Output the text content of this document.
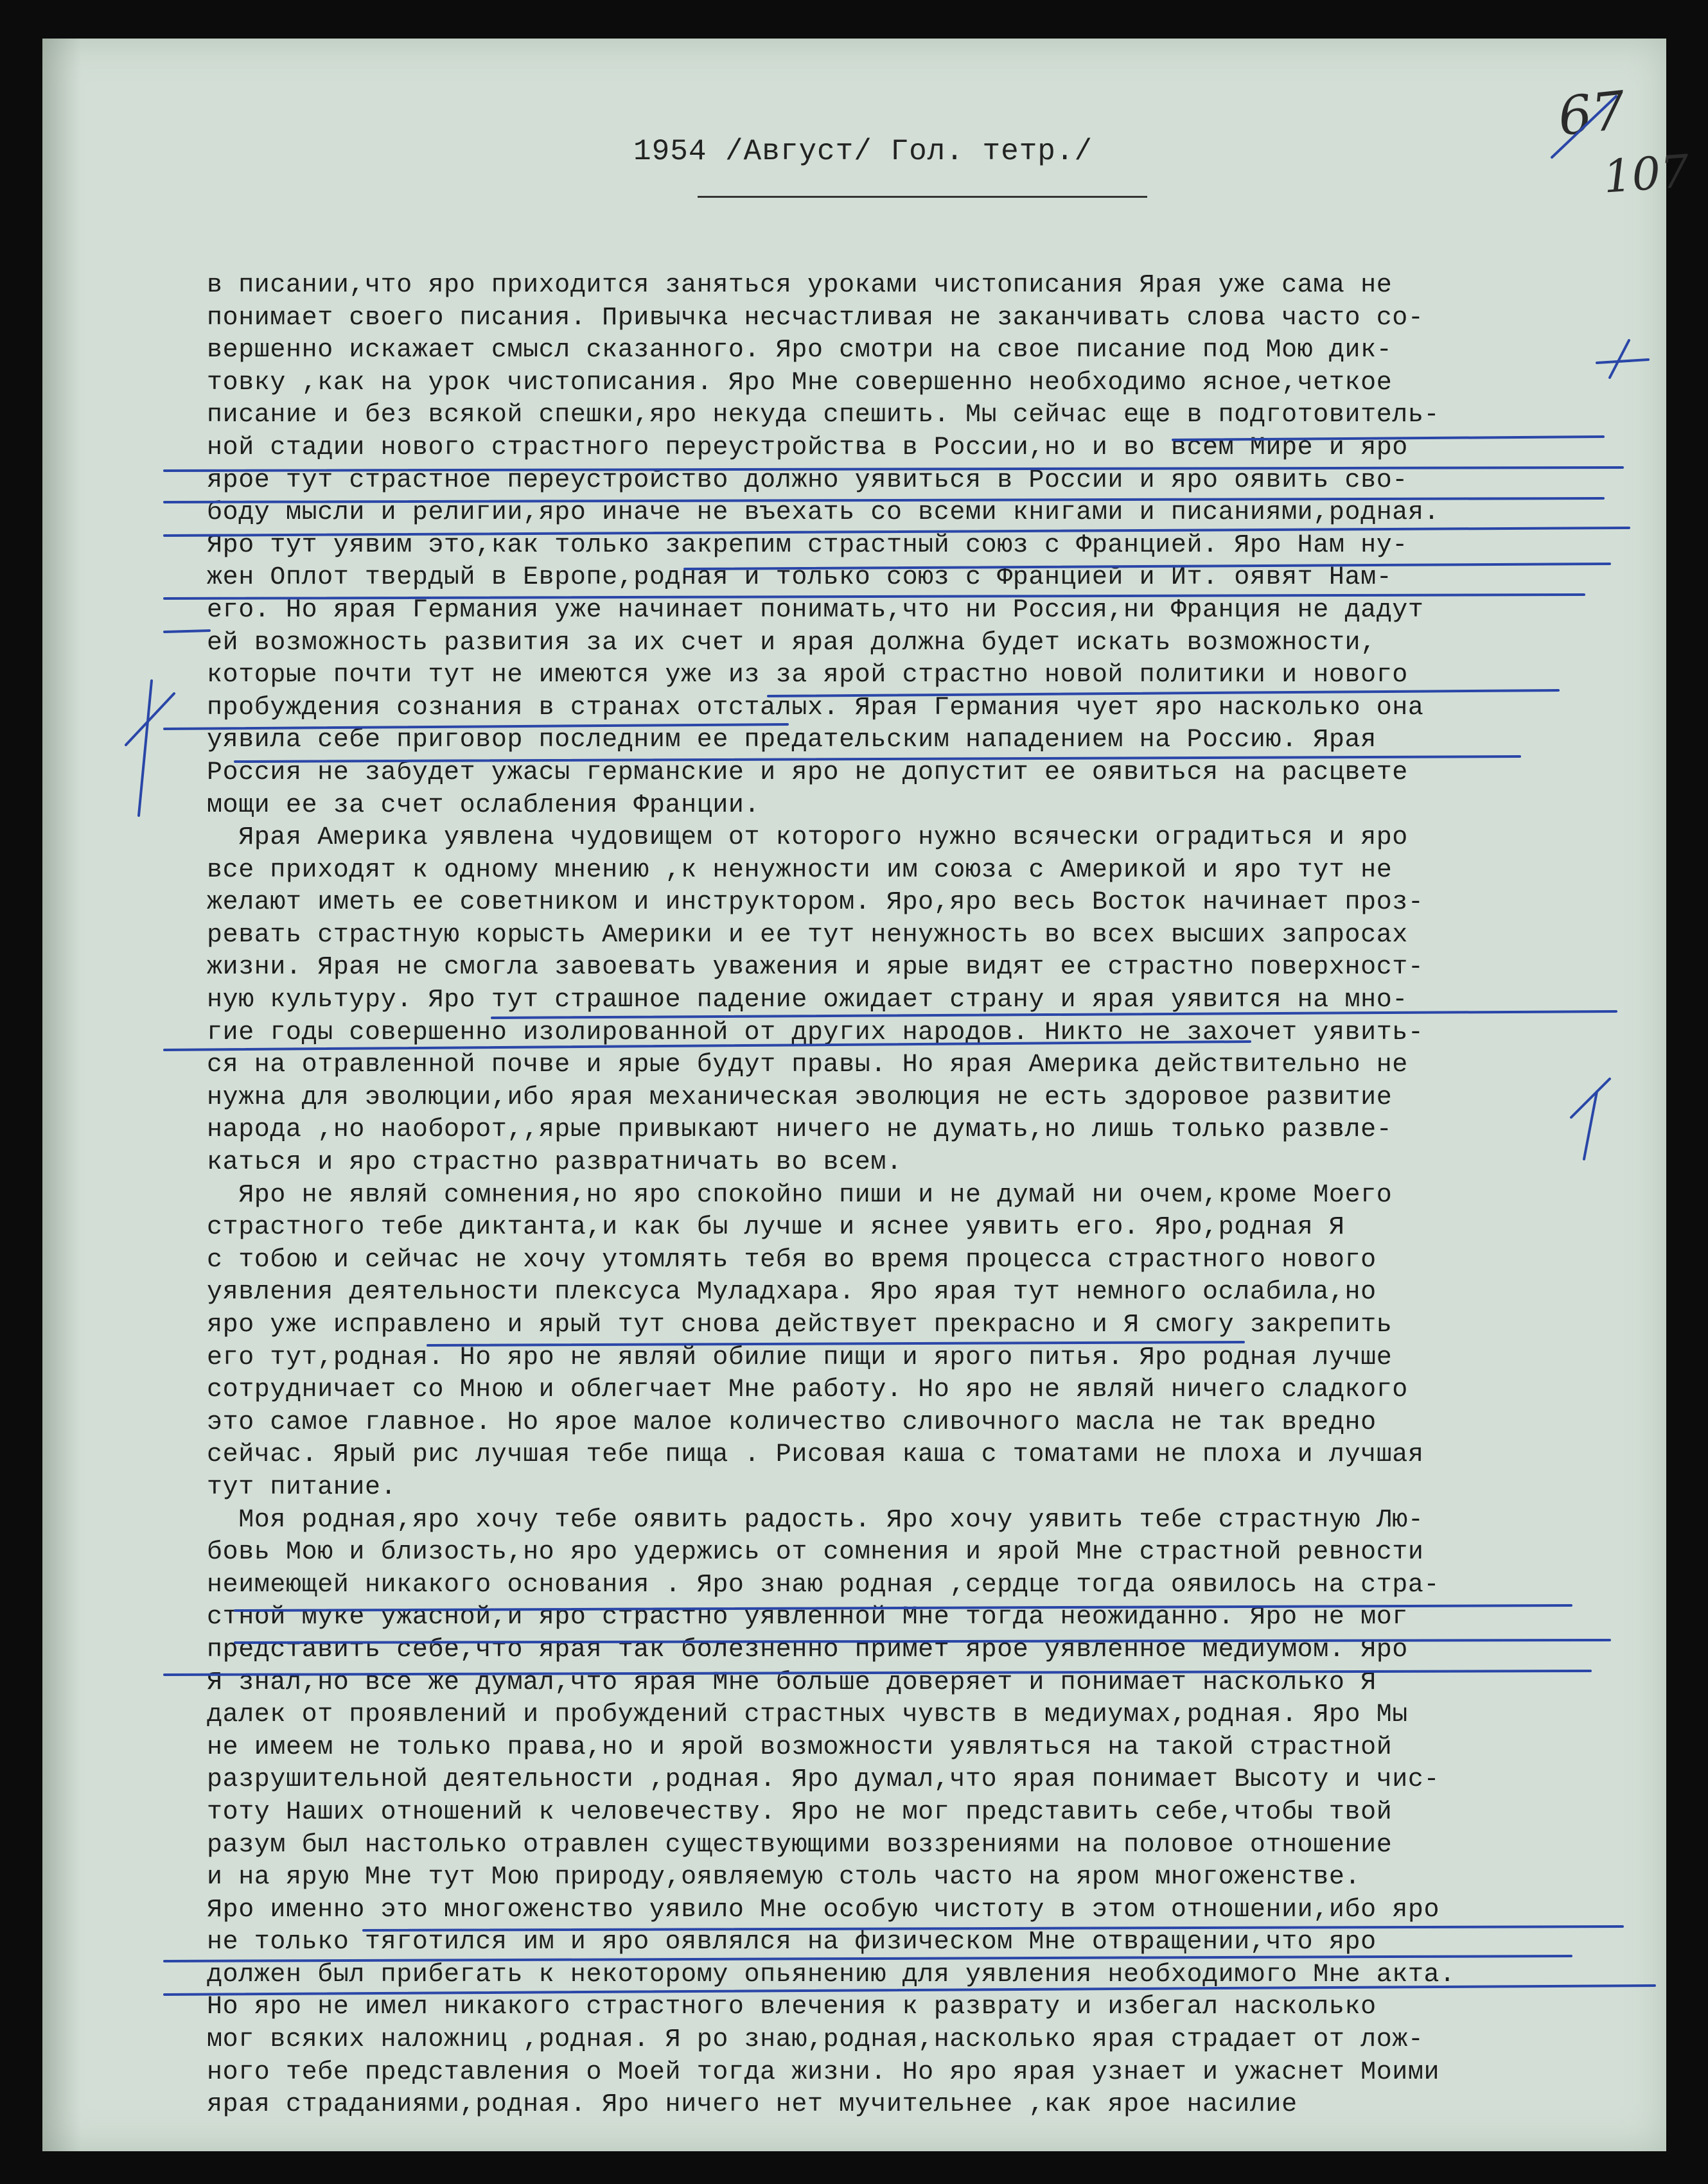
1954 /Август/ Гол. тетр./
67
107
в писании,что яро приходится заняться уроками чистописания Ярая уже сама не
понимает своего писания. Привычка несчастливая не заканчивать слова часто со-
вершенно искажает смысл сказанного. Яро смотри на свое писание под Мою дик-
товку ,как на урок чистописания. Яро Мне совершенно необходимо ясное,четкое
писание и без всякой спешки,яро некуда спешить. Мы сейчас еще в подготовитель-
ной стадии нового страстного переустройства в России,но и во всем Мире и яро
ярое тут страстное переустройство должно уявиться в России и яро оявить сво-
боду мысли и религии,яро иначе не въехать со всеми книгами и писаниями,родная.
Яро тут уявим это,как только закрепим страстный союз с Францией. Яро Нам ну-
жен Оплот твердый в Европе,родная и только союз с Францией и Ит. оявят Нам-
его. Но ярая Германия уже начинает понимать,что ни Россия,ни Франция не дадут
ей возможность развития за их счет и ярая должна будет искать возможности,
которые почти тут не имеются уже из за ярой страстно новой политики и нового
пробуждения сознания в странах отсталых. Ярая Германия чует яро насколько она
уявила себе приговор последним ее предательским нападением на Россию. Ярая
Россия не забудет ужасы германские и яро не допустит ее оявиться на расцвете
мощи ее за счет ослабления Франции.
Ярая Америка уявлена чудовищем от которого нужно всячески оградиться и яро
все приходят к одному мнению ,к ненужности им союза с Америкой и яро тут не
желают иметь ее советником и инструктором. Яро,яро весь Восток начинает проз-
ревать страстную корысть Америки и ее тут ненужность во всех высших запросах
жизни. Ярая не смогла завоевать уважения и ярые видят ее страстно поверхност-
ную культуру. Яро тут страшное падение ожидает страну и ярая уявится на мно-
гие годы совершенно изолированной от других народов. Никто не захочет уявить-
ся на отравленной почве и ярые будут правы. Но ярая Америка действительно не
нужна для эволюции,ибо ярая механическая эволюция не есть здоровое развитие
народа ,но наоборот,,ярые привыкают ничего не думать,но лишь только развле-
каться и яро страстно развратничать во всем.
Яро не являй сомнения,но яро спокойно пиши и не думай ни очем,кроме Моего
страстного тебе диктанта,и как бы лучше и яснее уявить его. Яро,родная Я
с тобою и сейчас не хочу утомлять тебя во время процесса страстного нового
уявления деятельности плексуса Муладхара. Яро ярая тут немного ослабила,но
яро уже исправлено и ярый тут снова действует прекрасно и Я смогу закрепить
его тут,родная. Но яро не являй обилие пищи и ярого питья. Яро родная лучше
сотрудничает со Мною и облегчает Мне работу. Но яро не являй ничего сладкого
это самое главное. Но ярое малое количество сливочного масла не так вредно
сейчас. Ярый рис лучшая тебе пища . Рисовая каша с томатами не плоха и лучшая
тут питание.
Моя родная,яро хочу тебе оявить радость. Яро хочу уявить тебе страстную Лю-
бовь Мою и близость,но яро удержись от сомнения и ярой Мне страстной ревности
неимеющей никакого основания . Яро знаю родная ,сердце тогда оявилось на стра-
стной муке ужасной,и яро страстно уявленной Мне тогда неожиданно. Яро не мог
представить себе,что ярая так болезненно примет ярое уявленное медиумом. Яро
Я знал,но все же думал,что ярая Мне больше доверяет и понимает насколько Я
далек от проявлений и пробуждений страстных чувств в медиумах,родная. Яро Мы
не имеем не только права,но и ярой возможности уявляться на такой страстной
разрушительной деятельности ,родная. Яро думал,что ярая понимает Высоту и чис-
тоту Наших отношений к человечеству. Яро не мог представить себе,чтобы твой
разум был настолько отравлен существующими воззрениями на половое отношение
и на ярую Мне тут Мою природу,оявляемую столь часто на яром многоженстве.
Яро именно это многоженство уявило Мне особую чистоту в этом отношении,ибо яро
не только тяготился им и яро оявлялся на физическом Мне отвращении,что яро
должен был прибегать к некоторому опьянению для уявления необходимого Мне акта.
Но яро не имел никакого страстного влечения к разврату и избегал насколько
мог всяких наложниц ,родная. Я ро знаю,родная,насколько ярая страдает от лож-
ного тебе представления о Моей тогда жизни. Но яро ярая узнает и ужаснет Моими
ярая страданиями,родная. Яро ничего нет мучительнее ,как ярое насилие
